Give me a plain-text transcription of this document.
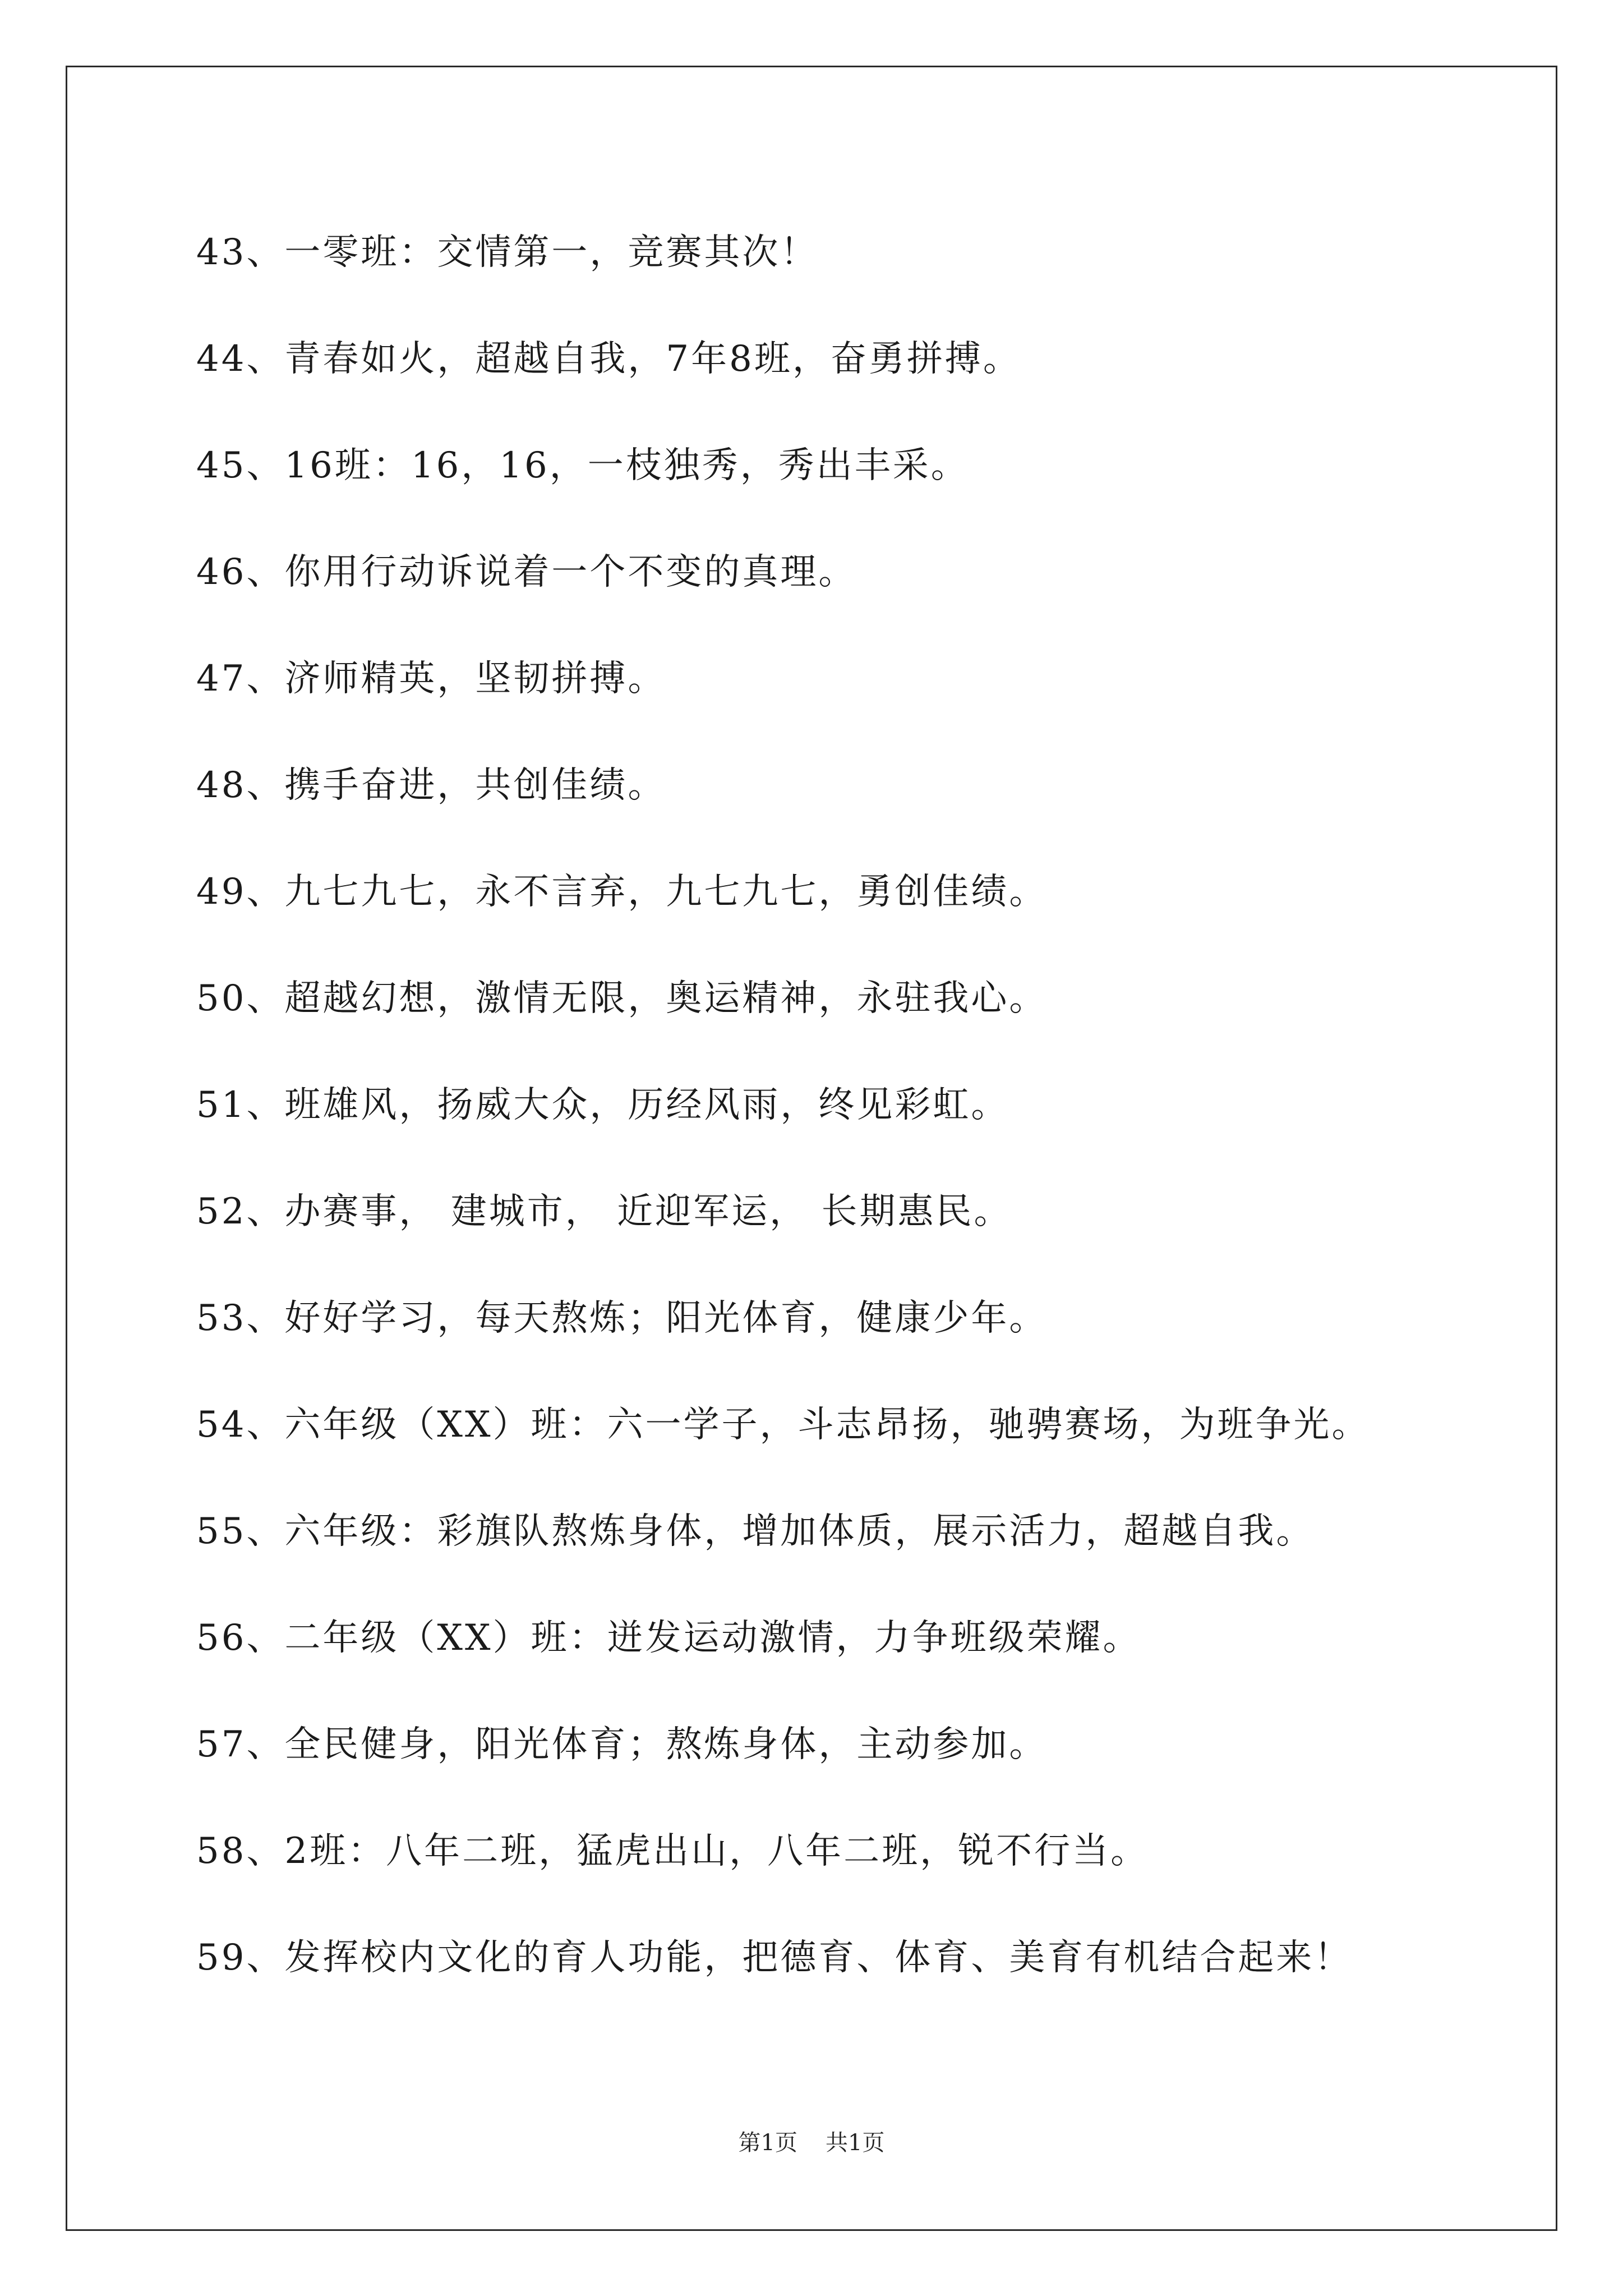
43、一零班：交情第一，竞赛其次！
44、青春如火，超越自我，7年8班，奋勇拼搏。
45、16班：16，16，一枝独秀，秀出丰采。
46、你用行动诉说着一个不变的真理。
47、济师精英，坚韧拼搏。
48、携手奋进，共创佳绩。
49、九七九七，永不言弃，九七九七，勇创佳绩。
50、超越幻想，激情无限，奥运精神，永驻我心。
51、班雄风，扬威大众，历经风雨，终见彩虹。
52、办赛事， 建城市， 近迎军运， 长期惠民。
53、好好学习，每天熬炼；阳光体育，健康少年。
54、六年级（XX）班：六一学子，斗志昂扬，驰骋赛场，为班争光。
55、六年级：彩旗队熬炼身体，增加体质，展示活力，超越自我。
56、二年级（XX）班：迸发运动激情，力争班级荣耀。
57、全民健身，阳光体育；熬炼身体，主动参加。
58、2班：八年二班，猛虎出山，八年二班，锐不行当。
59、发挥校内文化的育人功能，把德育、体育、美育有机结合起来！
第1页 共1页
